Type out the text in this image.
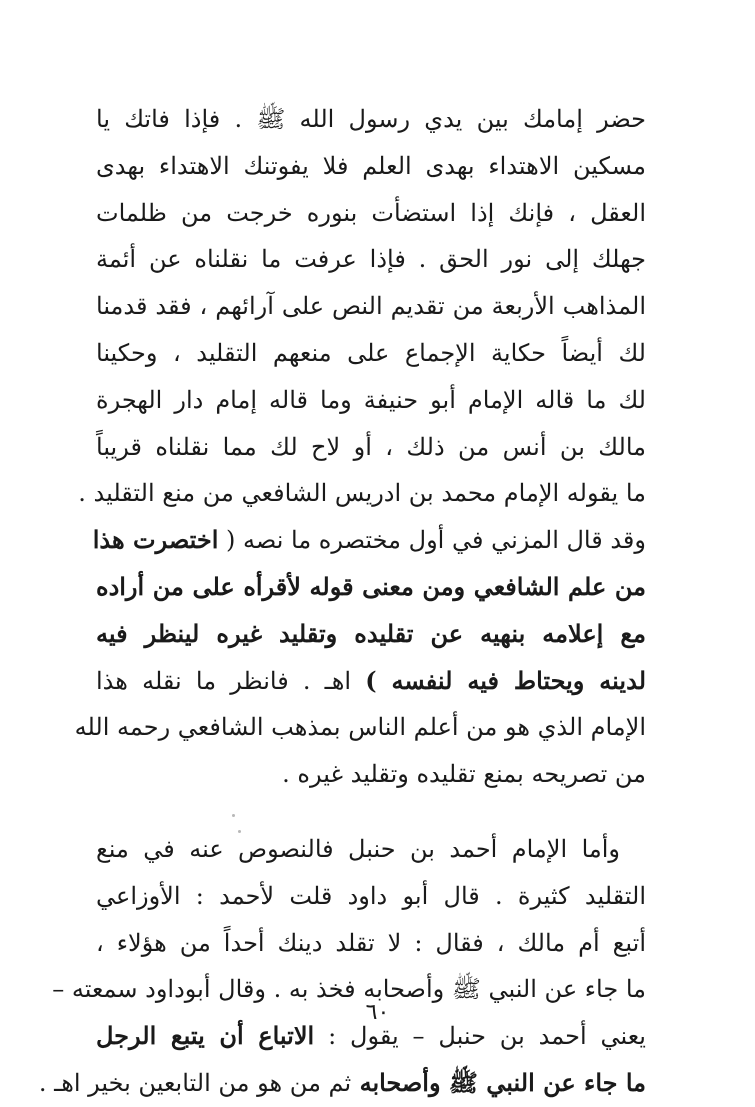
حضر إمامك بين يدي رسول الله ﷺ . فإذا فاتك يا
مسكين الاهتداء بهدى العلم فلا يفوتنك الاهتداء بهدى
العقل ، فإنك إذا استضأت بنوره خرجت من ظلمات
جهلك إلى نور الحق . فإذا عرفت ما نقلناه عن أئمة
المذاهب الأربعة من تقديم النص على آرائهم ، فقد قدمنا
لك أيضاً حكاية الإجماع على منعهم التقليد ، وحكينا
لك ما قاله الإمام أبو حنيفة وما قاله إمام دار الهجرة
مالك بن أنس من ذلك ، أو لاح لك مما نقلناه قريباً
ما يقوله الإمام محمد بن ادريس الشافعي من منع التقليد .
وقد قال المزني في أول مختصره ما نصه ( اختصرت هذا
من علم الشافعي ومن معنى قوله لأقرأه على من أراده
مع إعلامه بنهيه عن تقليده وتقليد غيره لينظر فيه
لدينه ويحتاط فيه لنفسه ) اهـ . فانظر ما نقله هذا
الإمام الذي هو من أعلم الناس بمذهب الشافعي رحمه الله
من تصريحه بمنع تقليده وتقليد غيره .
وأما الإمام أحمد بن حنبل فالنصوص عنه في منع
التقليد كثيرة . قال أبو داود قلت لأحمد : الأوزاعي
أتبع أم مالك ، فقال : لا تقلد دينك أحداً من هؤلاء ،
ما جاء عن النبي ﷺ وأصحابه فخذ به . وقال أبوداود سمعته –
يعني أحمد بن حنبل – يقول : الاتباع أن يتبع الرجل
ما جاء عن النبي ﷺ وأصحابه ثم من هو من التابعين بخير اهـ .
٦٠
